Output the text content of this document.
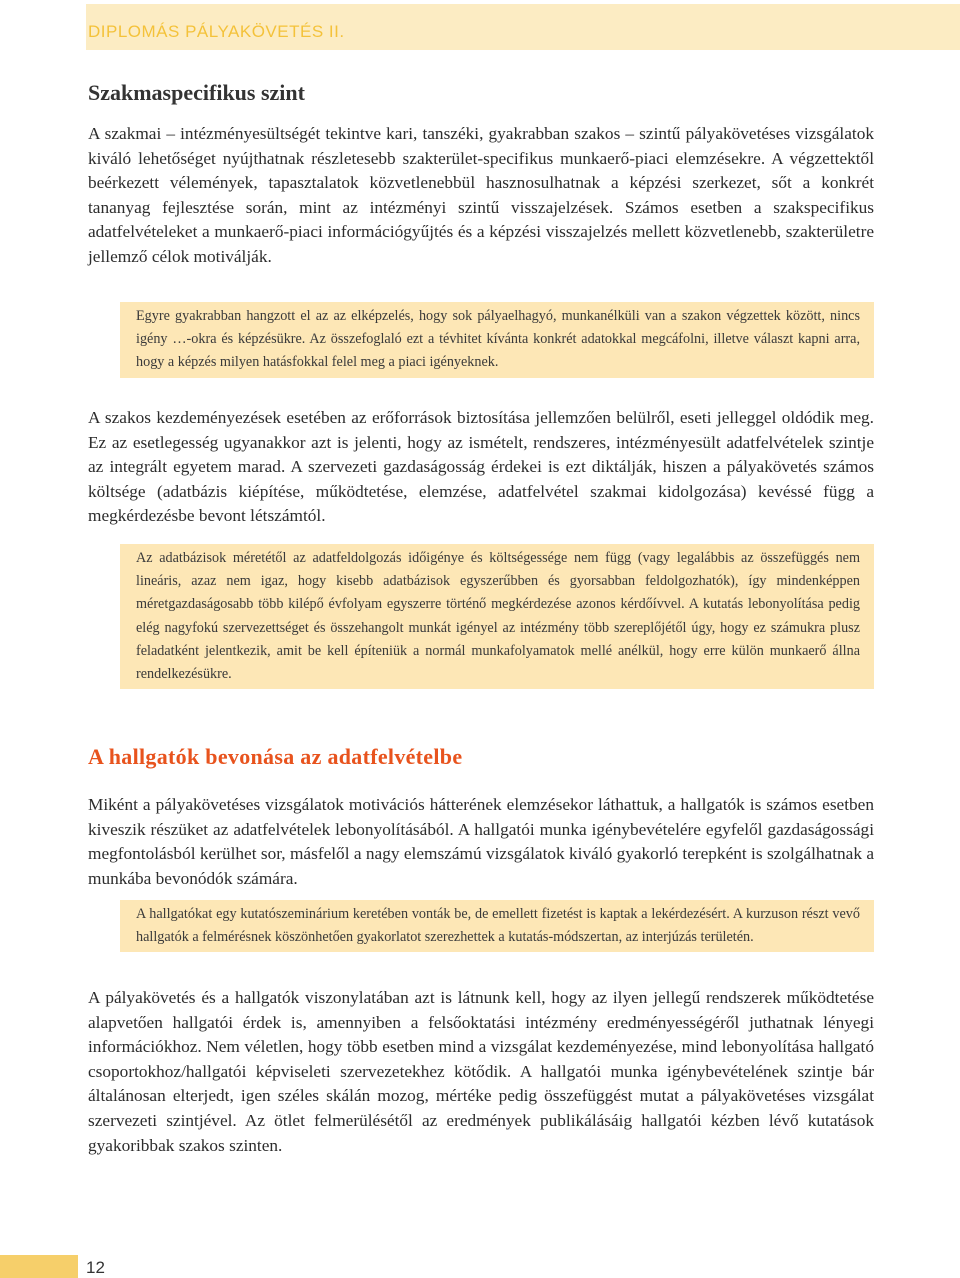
DIPLOMÁS PÁLYAKÖVETÉS II.
Szakmaspecifikus szint

A szakmai – intézményesültségét tekintve kari, tanszéki, gyakrabban szakos – szintű pályakövetéses vizsgálatok kiváló lehetőséget nyújthatnak részletesebb szakterület-specifikus munkaerő-piaci elemzésekre. A végzettektől beérkezett vélemények, tapasztalatok közvetlenebbül hasznosulhatnak a képzési szerkezet, sőt a konkrét tananyag fejlesztése során, mint az intézményi szintű visszajelzések. Számos esetben a szakspecifikus adatfelvételeket a munkaerő-piaci információgyűjtés és a képzési visszajelzés mellett közvetlenebb, szakterületre jellemző célok motiválják.

Egyre gyakrabban hangzott el az az elképzelés, hogy sok pályaelhagyó, munkanélküli van a szakon végzettek között, nincs igény …-okra és képzésükre. Az összefoglaló ezt a tévhitet kívánta konkrét adatokkal megcáfolni, illetve választ kapni arra, hogy a képzés milyen hatásfokkal felel meg a piaci igényeknek.

A szakos kezdeményezések esetében az erőforrások biztosítása jellemzően belülről, eseti jelleggel oldódik meg. Ez az esetlegesség ugyanakkor azt is jelenti, hogy az ismételt, rendszeres, intézményesült adatfelvételek szintje az integrált egyetem marad. A szervezeti gazdaságosság érdekei is ezt diktálják, hiszen a pályakövetés számos költsége (adatbázis kiépítése, működtetése, elemzése, adatfelvétel szakmai kidolgozása) kevéssé függ a megkérdezésbe bevont létszámtól.

Az adatbázisok méretétől az adatfeldolgozás időigénye és költségessége nem függ (vagy legalábbis az összefüggés nem lineáris, azaz nem igaz, hogy kisebb adatbázisok egyszerűbben és gyorsabban feldolgozhatók), így mindenképpen méretgazdaságosabb több kilépő évfolyam egyszerre történő megkérdezése azonos kérdőívvel. A kutatás lebonyolítása pedig elég nagyfokú szervezettséget és összehangolt munkát igényel az intézmény több szereplőjétől úgy, hogy ez számukra plusz feladatként jelentkezik, amit be kell építeniük a normál munkafolyamatok mellé anélkül, hogy erre külön munkaerő állna rendelkezésükre.
A hallgatók bevonása az adatfelvételbe

Miként a pályakövetéses vizsgálatok motivációs hátterének elemzésekor láthattuk, a hallgatók is számos esetben kiveszik részüket az adatfelvételek lebonyolításából. A hallgatói munka igénybevételére egyfelől gazdaságossági megfontolásból kerülhet sor, másfelől a nagy elemszámú vizsgálatok kiváló gyakorló terepként is szolgálhatnak a munkába bevonódók számára.

A hallgatókat egy kutatószeminárium keretében vonták be, de emellett fizetést is kaptak a lekérdezésért. A kurzuson részt vevő hallgatók a felmérésnek köszönhetően gyakorlatot szerezhettek a kutatás-módszertan, az interjúzás területén.

A pályakövetés és a hallgatók viszonylatában azt is látnunk kell, hogy az ilyen jellegű rendszerek működtetése alapvetően hallgatói érdek is, amennyiben a felsőoktatási intézmény eredményességéről juthatnak lényegi információkhoz. Nem véletlen, hogy több esetben mind a vizsgálat kezdeményezése, mind lebonyolítása hallgató csoportokhoz/hallgatói képviseleti szervezetekhez kötődik. A hallgatói munka igénybevételének szintje bár általánosan elterjedt, igen széles skálán mozog, mértéke pedig összefüggést mutat a pályakövetéses vizsgálat szervezeti szintjével. Az ötlet felmerülésétől az eredmények publikálásáig hallgatói kézben lévő kutatások gyakoribbak szakos szinten.

12
